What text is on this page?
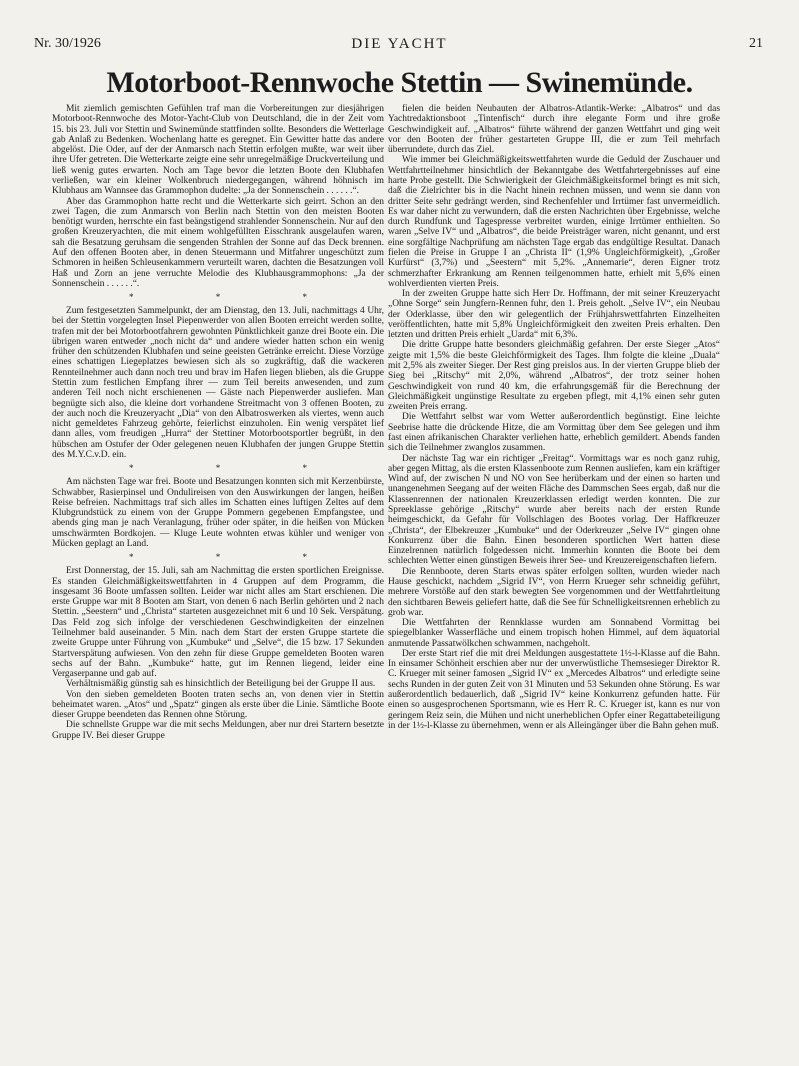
Nr. 30/1926	DIE YACHT	21
Motorboot-Rennwoche Stettin — Swinemünde.

Mit ziemlich gemischten Gefühlen traf man die Vorbereitungen zur diesjährigen Motorboot-Rennwoche des Motor-Yacht-Club von Deutschland, die in der Zeit vom 15. bis 23. Juli vor Stettin und Swinemünde stattfinden sollte. Besonders die Wetterlage gab Anlaß zu Bedenken. Wochenlang hatte es geregnet. Ein Gewitter hatte das andere abgelöst. Die Oder, auf der der Anmarsch nach Stettin erfolgen mußte, war weit über ihre Ufer getreten. Die Wetterkarte zeigte eine sehr unregelmäßige Druckverteilung und ließ wenig gutes erwarten. Noch am Tage bevor die letzten Boote den Klubhafen verließen, war ein kleiner Wolkenbruch niedergegangen, während höhnisch im Klubhaus am Wannsee das Grammophon dudelte: „Ja der Sonnenschein . . . . . .“.

Aber das Grammophon hatte recht und die Wetterkarte sich geirrt. Schon an den zwei Tagen, die zum Anmarsch von Berlin nach Stettin von den meisten Booten benötigt wurden, herrschte ein fast beängstigend strahlender Sonnenschein. Nur auf den großen Kreuzeryachten, die mit einem wohlgefüllten Eisschrank ausgelaufen waren, sah die Besatzung geruhsam die sengenden Strahlen der Sonne auf das Deck brennen. Auf den offenen Booten aber, in denen Steuermann und Mitfahrer ungeschützt zum Schmoren in heißen Schleusenkammern verurteilt waren, dachten die Besatzungen voll Haß und Zorn an jene verruchte Melodie des Klubhausgrammophons: „Ja der Sonnenschein . . . . . .“.

* * *

Zum festgesetzten Sammelpunkt, der am Dienstag, den 13. Juli, nachmittags 4 Uhr, bei der Stettin vorgelegten Insel Piepenwerder von allen Booten erreicht werden sollte, trafen mit der bei Motorbootfahrern gewohnten Pünktlichkeit ganze drei Boote ein. Die übrigen waren entweder „noch nicht da“ und andere wieder hatten schon ein wenig früher den schützenden Klubhafen und seine geeisten Getränke erreicht. Diese Vorzüge eines schattigen Liegeplatzes bewiesen sich als so zugkräftig, daß die wackeren Rennteilnehmer auch dann noch treu und brav im Hafen liegen blieben, als die Gruppe Stettin zum festlichen Empfang ihrer — zum Teil bereits anwesenden, und zum anderen Teil noch nicht erschienenen — Gäste nach Piepenwerder ausliefen. Man begnügte sich also, die kleine dort vorhandene Streitmacht von 3 offenen Booten, zu der auch noch die Kreuzeryacht „Dia“ von den Albatroswerken als viertes, wenn auch nicht gemeldetes Fahrzeug gehörte, feierlichst einzuholen. Ein wenig verspätet lief dann alles, vom freudigen „Hurra“ der Stettiner Motorbootsportler begrüßt, in den hübschen am Ostufer der Oder gelegenen neuen Klubhafen der jungen Gruppe Stettin des M.Y.C.v.D. ein.

* * *

Am nächsten Tage war frei. Boote und Besatzungen konnten sich mit Kerzenbürste, Schwabber, Rasierpinsel und Ondulireisen von den Auswirkungen der langen, heißen Reise befreien. Nachmittags traf sich alles im Schatten eines luftigen Zeltes auf dem Klubgrundstück zu einem von der Gruppe Pommern gegebenen Empfangstee, und abends ging man je nach Veranlagung, früher oder später, in die heißen von Mücken umschwärmten Bordkojen. — Kluge Leute wohnten etwas kühler und weniger von Mücken geplagt an Land.

* * *

Erst Donnerstag, der 15. Juli, sah am Nachmittag die ersten sportlichen Ereignisse. Es standen Gleichmäßigkeitswettfahrten in 4 Gruppen auf dem Programm, die insgesamt 36 Boote umfassen sollten. Leider war nicht alles am Start erschienen. Die erste Gruppe war mit 8 Booten am Start, von denen 6 nach Berlin gehörten und 2 nach Stettin. „Seestern“ und „Christa“ starteten ausgezeichnet mit 6 und 10 Sek. Verspätung. Das Feld zog sich infolge der verschiedenen Geschwindigkeiten der einzelnen Teilnehmer bald auseinander. 5 Min. nach dem Start der ersten Gruppe startete die zweite Gruppe unter Führung von „Kumbuke“ und „Selve“, die 15 bzw. 17 Sekunden Startverspätung aufwiesen. Von den zehn für diese Gruppe gemeldeten Booten waren sechs auf der Bahn. „Kumbuke“ hatte, gut im Rennen liegend, leider eine Vergaserpanne und gab auf.

Verhältnismäßig günstig sah es hinsichtlich der Beteiligung bei der Gruppe II aus.

Von den sieben gemeldeten Booten traten sechs an, von denen vier in Stettin beheimatet waren. „Atos“ und „Spatz“ gingen als erste über die Linie. Sämtliche Boote dieser Gruppe beendeten das Rennen ohne Störung.

Die schnellste Gruppe war die mit sechs Meldungen, aber nur drei Startern besetzte Gruppe IV. Bei dieser Gruppe

fielen die beiden Neubauten der Albatros-Atlantik-Werke: „Albatros“ und das Yachtredaktionsboot „Tintenfisch“ durch ihre elegante Form und ihre große Geschwindigkeit auf. „Albatros“ führte während der ganzen Wettfahrt und ging weit vor den Booten der früher gestarteten Gruppe III, die er zum Teil mehrfach überrundete, durch das Ziel.

Wie immer bei Gleichmäßigkeitswettfahrten wurde die Geduld der Zuschauer und Wettfahrtteilnehmer hinsichtlich der Bekanntgabe des Wettfahrtergebnisses auf eine harte Probe gestellt. Die Schwierigkeit der Gleichmäßigkeitsformel bringt es mit sich, daß die Zielrichter bis in die Nacht hinein rechnen müssen, und wenn sie dann von dritter Seite sehr gedrängt werden, sind Rechenfehler und Irrtümer fast unvermeidlich. Es war daher nicht zu verwundern, daß die ersten Nachrichten über Ergebnisse, welche durch Rundfunk und Tagespresse verbreitet wurden, einige Irrtümer enthielten. So waren „Selve IV“ und „Albatros“, die beide Preisträger waren, nicht genannt, und erst eine sorgfältige Nachprüfung am nächsten Tage ergab das endgültige Resultat. Danach fielen die Preise in Gruppe I an „Christa II“ (1,9% Ungleichförmigkeit), „Großer Kurfürst“ (3,7%) und „Seestern“ mit 5,2%. „Annemarie“, deren Eigner trotz schmerzhafter Erkrankung am Rennen teilgenommen hatte, erhielt mit 5,6% einen wohlverdienten vierten Preis.

In der zweiten Gruppe hatte sich Herr Dr. Hoffmann, der mit seiner Kreuzeryacht „Ohne Sorge“ sein Jungfern-Rennen fuhr, den 1. Preis geholt. „Selve IV“, ein Neubau der Oderklasse, über den wir gelegentlich der Frühjahrswettfahrten Einzelheiten veröffentlichten, hatte mit 5,8% Ungleichförmigkeit den zweiten Preis erhalten. Den letzten und dritten Preis erhielt „Uarda“ mit 6,3%.

Die dritte Gruppe hatte besonders gleichmäßig gefahren. Der erste Sieger „Atos“ zeigte mit 1,5% die beste Gleichförmigkeit des Tages. Ihm folgte die kleine „Duala“ mit 2,5% als zweiter Sieger. Der Rest ging preislos aus. In der vierten Gruppe blieb der Sieg bei „Ritschy“ mit 2,0%, während „Albatros“, der trotz seiner hohen Geschwindigkeit von rund 40 km, die erfahrungsgemäß für die Berechnung der Gleichmäßigkeit ungünstige Resultate zu ergeben pflegt, mit 4,1% einen sehr guten zweiten Preis errang.

Die Wettfahrt selbst war vom Wetter außerordentlich begünstigt. Eine leichte Seebrise hatte die drückende Hitze, die am Vormittag über dem See gelegen und ihm fast einen afrikanischen Charakter verliehen hatte, erheblich gemildert. Abends fanden sich die Teilnehmer zwanglos zusammen.

Der nächste Tag war ein richtiger „Freitag“. Vormittags war es noch ganz ruhig, aber gegen Mittag, als die ersten Klassenboote zum Rennen ausliefen, kam ein kräftiger Wind auf, der zwischen N und NO von See herüberkam und der einen so harten und unangenehmen Seegang auf der weiten Fläche des Dammschen Sees ergab, daß nur die Klassenrennen der nationalen Kreuzerklassen erledigt werden konnten. Die zur Spreeklasse gehörige „Ritschy“ wurde aber bereits nach der ersten Runde heimgeschickt, da Gefahr für Vollschlagen des Bootes vorlag. Der Haffkreuzer „Christa“, der Elbekreuzer „Kumbuke“ und der Oderkreuzer „Selve IV“ gingen ohne Konkurrenz über die Bahn. Einen besonderen sportlichen Wert hatten diese Einzelrennen natürlich folgedessen nicht. Immerhin konnten die Boote bei dem schlechten Wetter einen günstigen Beweis ihrer See- und Kreuzereigenschaften liefern.

Die Rennboote, deren Starts etwas später erfolgen sollten, wurden wieder nach Hause geschickt, nachdem „Sigrid IV“, von Herrn Krueger sehr schneidig geführt, mehrere Vorstöße auf den stark bewegten See vorgenommen und der Wettfahrtleitung den sichtbaren Beweis geliefert hatte, daß die See für Schnelligkeitsrennen erheblich zu grob war.

Die Wettfahrten der Rennklasse wurden am Sonnabend Vormittag bei spiegelblanker Wasserfläche und einem tropisch hohen Himmel, auf dem äquatorial anmutende Passatwölkchen schwammen, nachgeholt.

Der erste Start rief die mit drei Meldungen ausgestattete 1½-l-Klasse auf die Bahn. In einsamer Schönheit erschien aber nur der unverwüstliche Themsesieger Direktor R. C. Krueger mit seiner famosen „Sigrid IV“ ex „Mercedes Albatros“ und erledigte seine sechs Runden in der guten Zeit von 31 Minuten und 53 Sekunden ohne Störung. Es war außerordentlich bedauerlich, daß „Sigrid IV“ keine Konkurrenz gefunden hatte. Für einen so ausgesprochenen Sportsmann, wie es Herr R. C. Krueger ist, kann es nur von geringem Reiz sein, die Mühen und nicht unerheblichen Opfer einer Regattabeteiligung in der 1½-l-Klasse zu übernehmen, wenn er als Alleingänger über die Bahn gehen muß.
